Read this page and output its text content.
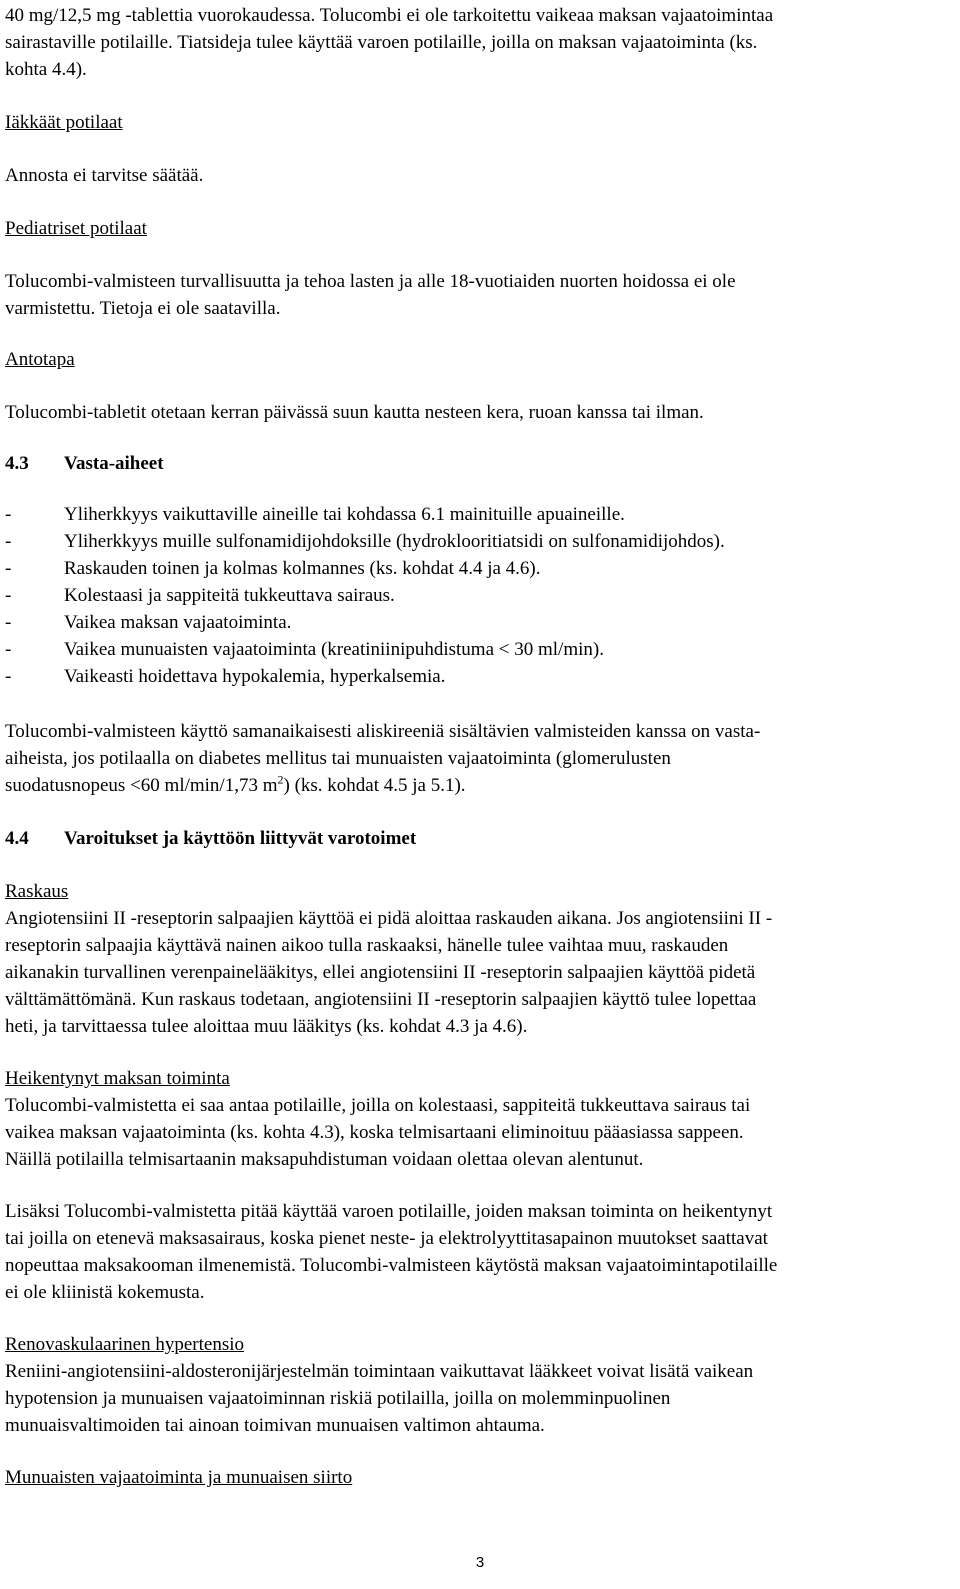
40 mg/12,5 mg -tablettia vuorokaudessa. Tolucombi ei ole tarkoitettu vaikeaa maksan vajaatoimintaa

sairastaville potilaille. Tiatsideja tulee käyttää varoen potilaille, joilla on maksan vajaatoiminta (ks.

kohta 4.4).

Iäkkäät potilaat

Annosta ei tarvitse säätää.

Pediatriset potilaat

Tolucombi-valmisteen turvallisuutta ja tehoa lasten ja alle 18-vuotiaiden nuorten hoidossa ei ole

varmistettu. Tietoja ei ole saatavilla.

Antotapa

Tolucombi-tabletit otetaan kerran päivässä suun kautta nesteen kera, ruoan kanssa tai ilman.

4.3	Vasta-aiheet
-	Yliherkkyys vaikuttaville aineille tai kohdassa 6.1 mainituille apuaineille.
-	Yliherkkyys muille sulfonamidijohdoksille (hydroklooritiatsidi on sulfonamidijohdos).
-	Raskauden toinen ja kolmas kolmannes (ks. kohdat 4.4 ja 4.6).
-	Kolestaasi ja sappiteitä tukkeuttava sairaus.
-	Vaikea maksan vajaatoiminta.
-	Vaikea munuaisten vajaatoiminta (kreatiniinipuhdistuma < 30 ml/min).
-	Vaikeasti hoidettava hypokalemia, hyperkalsemia.

Tolucombi-valmisteen käyttö samanaikaisesti aliskireeniä sisältävien valmisteiden kanssa on vasta-

aiheista, jos potilaalla on diabetes mellitus tai munuaisten vajaatoiminta (glomerulusten

suodatusnopeus <60 ml/min/1,73 $m^2$) (ks. kohdat 4.5 ja 5.1).

4.4	Varoitukset ja käyttöön liittyvät varotoimet

Raskaus

Angiotensiini II -reseptorin salpaajien käyttöä ei pidä aloittaa raskauden aikana. Jos angiotensiini II -

reseptorin salpaajia käyttävä nainen aikoo tulla raskaaksi, hänelle tulee vaihtaa muu, raskauden

aikanakin turvallinen verenpainelääkitys, ellei angiotensiini II -reseptorin salpaajien käyttöä pidetä

välttämättömänä. Kun raskaus todetaan, angiotensiini II -reseptorin salpaajien käyttö tulee lopettaa

heti, ja tarvittaessa tulee aloittaa muu lääkitys (ks. kohdat 4.3 ja 4.6).

Heikentynyt maksan toiminta

Tolucombi-valmistetta ei saa antaa potilaille, joilla on kolestaasi, sappiteitä tukkeuttava sairaus tai

vaikea maksan vajaatoiminta (ks. kohta 4.3), koska telmisartaani eliminoituu pääasiassa sappeen.

Näillä potilailla telmisartaanin maksapuhdistuman voidaan olettaa olevan alentunut.

Lisäksi Tolucombi-valmistetta pitää käyttää varoen potilaille, joiden maksan toiminta on heikentynyt

tai joilla on etenevä maksasairaus, koska pienet neste- ja elektrolyyttitasapainon muutokset saattavat

nopeuttaa maksakooman ilmenemistä. Tolucombi-valmisteen käytöstä maksan vajaatoimintapotilaille

ei ole kliinistä kokemusta.

Renovaskulaarinen hypertensio

Reniini-angiotensiini-aldosteronijärjestelmän toimintaan vaikuttavat lääkkeet voivat lisätä vaikean

hypotension ja munuaisen vajaatoiminnan riskiä potilailla, joilla on molemminpuolinen

munuaisvaltimoiden tai ainoan toimivan munuaisen valtimon ahtauma.

Munuaisten vajaatoiminta ja munuaisen siirto

3
